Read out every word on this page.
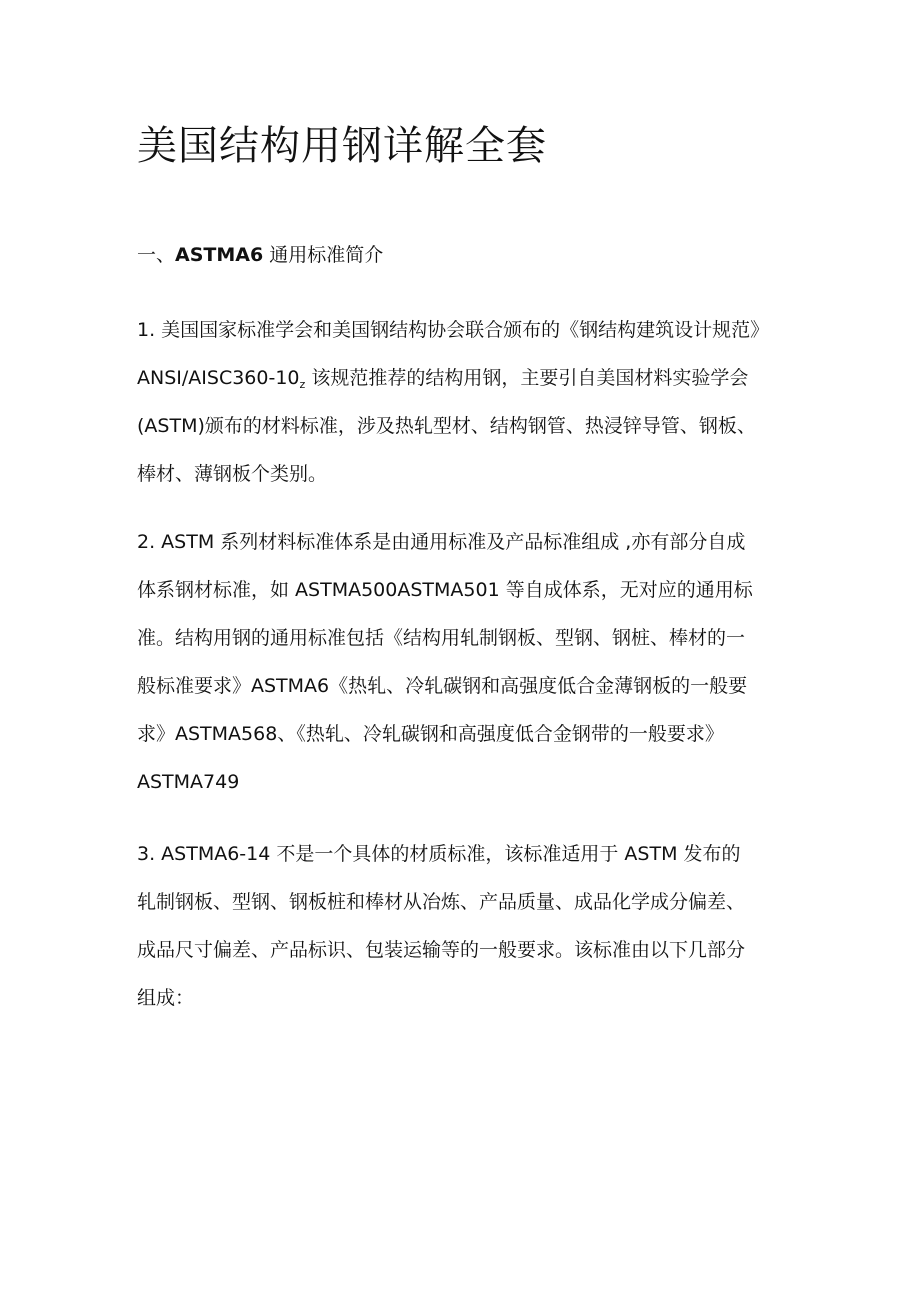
美国结构用钢详解全套
一、ASTMA6 通用标准简介
1. 美国国家标准学会和美国钢结构协会联合颁布的《钢结构建筑设计规范》
ANSI/$AISC360-10_z$ 该规范推荐的结构用钢，主要引自美国材料实验学会
(ASTM)颁布的材料标准，涉及热轧型材、结构钢管、热浸锌导管、钢板、
棒材、薄钢板个类别。
2. ASTM 系列材料标准体系是由通用标准及产品标准组成 ,亦有部分自成
体系钢材标准，如 ASTMA500ASTMA501 等自成体系，无对应的通用标
准。结构用钢的通用标准包括《结构用轧制钢板、型钢、钢桩、棒材的一
般标准要求》ASTMA6《热轧、冷轧碳钢和高强度低合金薄钢板的一般要
求》ASTMA568、《热轧、冷轧碳钢和高强度低合金钢带的一般要求》
ASTMA749
3. ASTMA6-14 不是一个具体的材质标准，该标准适用于 ASTM 发布的
轧制钢板、型钢、钢板桩和棒材从冶炼、产品质量、成品化学成分偏差、
成品尺寸偏差、产品标识、包装运输等的一般要求。该标准由以下几部分
组成：
